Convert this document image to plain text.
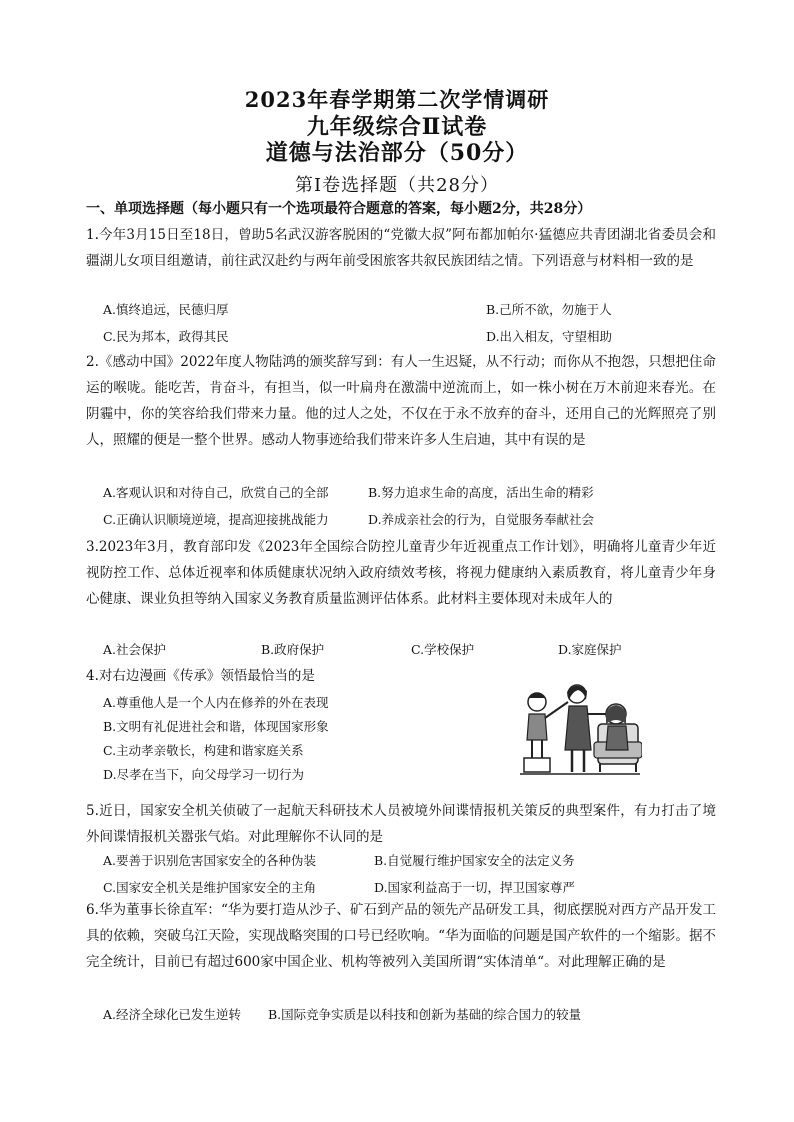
2023年春学期第二次学情调研
九年级综合Ⅱ试卷
道德与法治部分（50分）
第Ⅰ卷选择题（共28分）
一、单项选择题（每小题只有一个选项最符合题意的答案，每小题2分，共28分）
1.今年3月15日至18日，曾助5名武汉游客脱困的“党徽大叔”阿布都加帕尔·猛德应共青团湖北省委员会和疆湖儿女项目组邀请，前往武汉赴约与两年前受困旅客共叙民族团结之情。下列语意与材料相一致的是
A.慎终追远，民德归厚	B.己所不欲，勿施于人
C.民为邦本，政得其民	D.出入相友，守望相助
2.《感动中国》2022年度人物陆鸿的颁奖辞写到：有人一生迟疑，从不行动；而你从不抱怨，只想把住命运的喉咙。能吃苦，肯奋斗，有担当，似一叶扁舟在激湍中逆流而上，如一株小树在万木前迎来春光。在阴霾中，你的笑容给我们带来力量。他的过人之处，不仅在于永不放弃的奋斗，还用自己的光辉照亮了别人，照耀的便是一整个世界。感动人物事迹给我们带来许多人生启迪，其中有误的是
A.客观认识和对待自己，欣赏自己的全部	B.努力追求生命的高度，活出生命的精彩
C.正确认识顺境逆境，提高迎接挑战能力	D.养成亲社会的行为，自觉服务奉献社会
3.2023年3月，教育部印发《2023年全国综合防控儿童青少年近视重点工作计划》，明确将儿童青少年近视防控工作、总体近视率和体质健康状况纳入政府绩效考核，将视力健康纳入素质教育，将儿童青少年身心健康、课业负担等纳入国家义务教育质量监测评估体系。此材料主要体现对未成年人的
A.社会保护	B.政府保护	C.学校保护	D.家庭保护
4.对右边漫画《传承》领悟最恰当的是
A.尊重他人是一个人内在修养的外在表现
B.文明有礼促进社会和谐，体现国家形象
C.主动孝亲敬长，构建和谐家庭关系
D.尽孝在当下，向父母学习一切行为
5.近日，国家安全机关侦破了一起航天科研技术人员被境外间谍情报机关策反的典型案件，有力打击了境外间谍情报机关嚣张气焰。对此理解你不认同的是
A.要善于识别危害国家安全的各种伪装	B.自觉履行维护国家安全的法定义务
C.国家安全机关是维护国家安全的主角	D.国家利益高于一切，捍卫国家尊严
6.华为董事长徐直军：“华为要打造从沙子、矿石到产品的领先产品研发工具，彻底摆脱对西方产品开发工具的依赖，突破乌江天险，实现战略突围的口号已经吹响。“华为面临的问题是国产软件的一个缩影。据不完全统计，目前已有超过600家中国企业、机构等被列入美国所谓“实体清单“。对此理解正确的是
A.经济全球化已发生逆转 B.国际竞争实质是以科技和创新为基础的综合国力的较量
